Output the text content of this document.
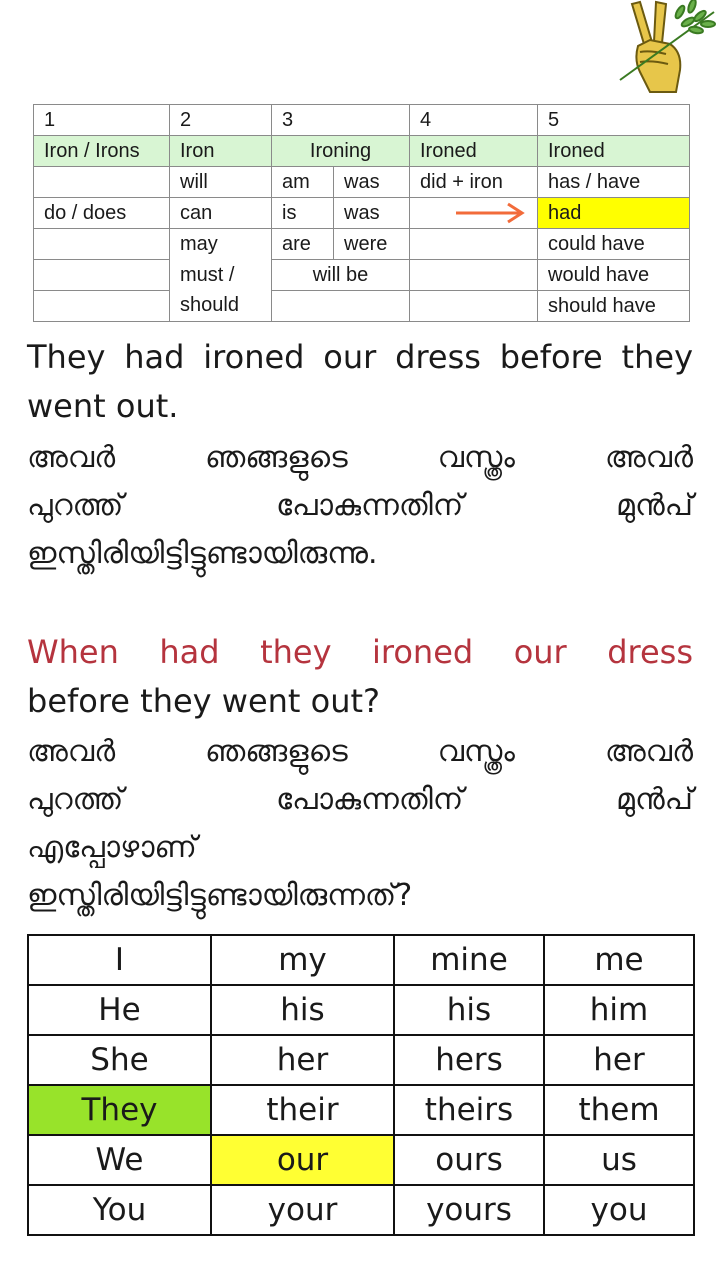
1	2	3		4	5
Iron / Irons	Iron	Ironing		Ironed	Ironed
	will	am	was	did + iron	has / have
do / does	can	is	was		had
	may	are	were		could have
	must /	will be			would have
	should				should have
They had ironed our dress before they went out.
അവർ	ഞങ്ങളുടെ	വസ്ത്രം	അവർ
പുറത്ത്	പോകുന്നതിന്	മുൻപ്
ഇസ്തിരിയിട്ടിട്ടുണ്ടായിരുന്നു.
When had they ironed our dress
before they went out?
അവർ	ഞങ്ങളുടെ	വസ്ത്രം	അവർ
പുറത്ത്	പോകുന്നതിന്	മുൻപ്
എപ്പോഴാണ്
ഇസ്തിരിയിട്ടിട്ടുണ്ടായിരുന്നത്?
I	my	mine	me
He	his	his	him
She	her	hers	her
They	their	theirs	them
We	our	ours	us
You	your	yours	you
